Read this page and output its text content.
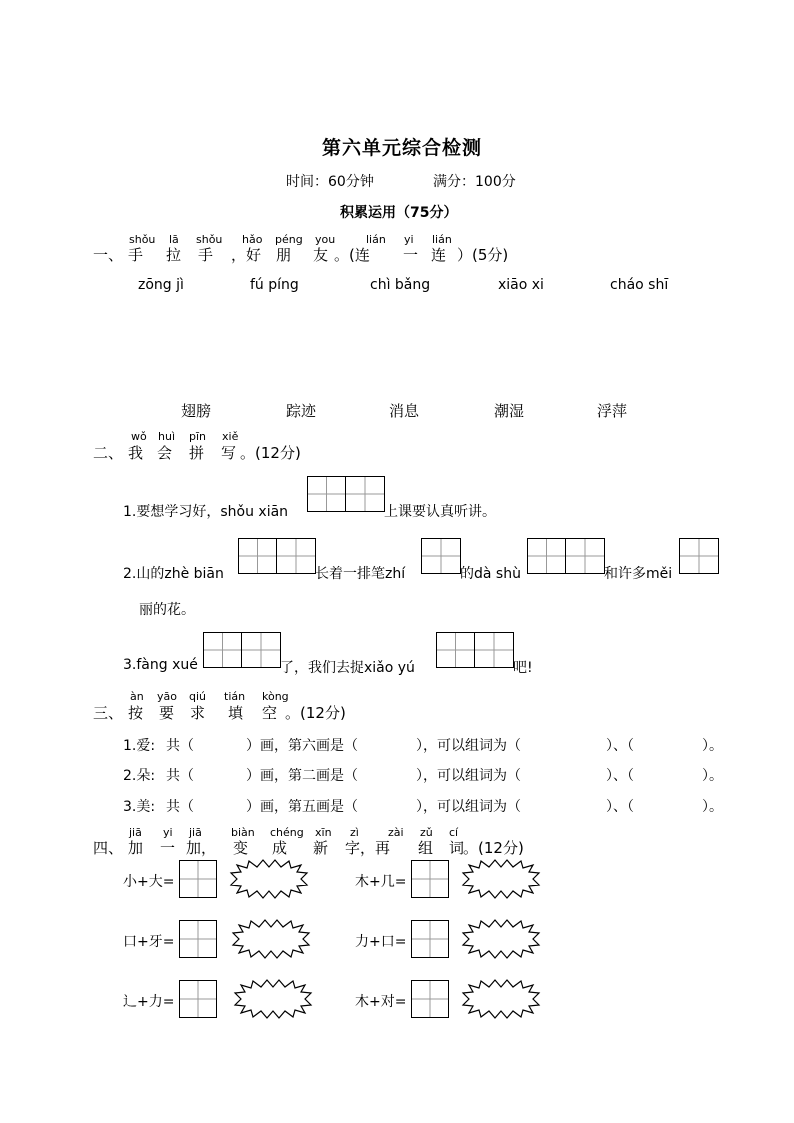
第六单元综合检测
时间：60分钟	满分：100分
积累运用（75分）
shǒu lā shǒu hǎo péng you	lián yi lián
一、 手 拉 手 ，好 朋 友 。(连 一 连 ）(5分)
zōng jì	fú píng	chì bǎng	xiāo xi	cháo shī
翅膀	踪迹	消息	潮湿	浮萍
wǒ huì pīn xiě
二、 我 会 拼 写 。(12分)
1.要想学习好，shǒu xiān	上课要认真听讲。
2.山的zhè biān	长着一排笔zhí	的dà shù	和许多měi
丽的花。
3.fàng xué	了，我们去捉xiǎo yú	吧!
àn yāo qiú tián kòng
三、 按 要 求 填 空 。(12分)
1.爱: 共（	）画，第六画是（	），可以组词为（	）、（	）。
2.朵: 共（	）画，第二画是（	），可以组词为（	）、（	）。
3.美: 共（	）画，第五画是（	），可以组词为（	）、（	）。
jiā yi jiā	biàn chéng xīn zì	zài zǔ cí
四、 加 一 加， 变 成 新 字，再 组 词
。(12分)
小+大=	木+几=
口+牙=	力+口=
辶+力=	木+对=
